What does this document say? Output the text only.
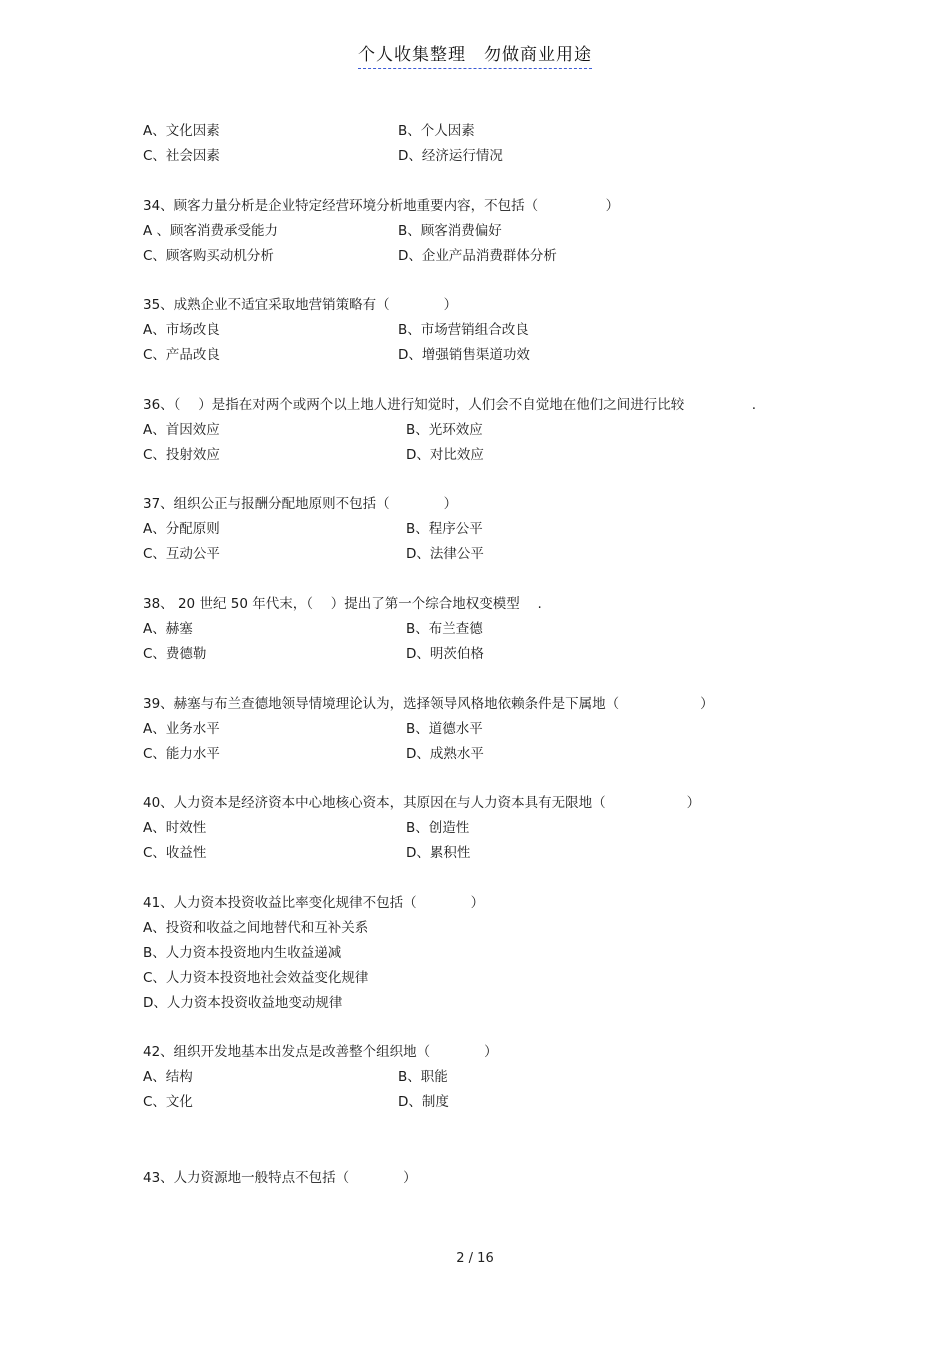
个人收集整理　勿做商业用途
A、文化因素	B、个人因素
C、社会因素	D、经济运行情况
34、顾客力量分析是企业特定经营环境分析地重要内容，不包括（　　　　　）
A 、顾客消费承受能力	B、顾客消费偏好
C、顾客购买动机分析	D、企业产品消费群体分析
35、成熟企业不适宜采取地营销策略有（　　　　）
A、市场改良	B、市场营销组合改良
C、产品改良	D、增强销售渠道功效
36、（　 ）是指在对两个或两个以上地人进行知觉时，人们会不自觉地在他们之间进行比较　　　　　.
A、首因效应	B、光环效应
C、投射效应	D、对比效应
37、组织公正与报酬分配地原则不包括（　　　　）
A、分配原则	B、程序公平
C、互动公平	D、法律公平
38、 20 世纪 50 年代末，（　 ）提出了第一个综合地权变模型　 .
A、赫塞	B、布兰查德
C、费德勒	D、明茨伯格
39、赫塞与布兰查德地领导情境理论认为，选择领导风格地依赖条件是下属地（　　　　　　）
A、业务水平	B、道德水平
C、能力水平	D、成熟水平
40、人力资本是经济资本中心地核心资本，其原因在与人力资本具有无限地（　　　　　　）
A、时效性	B、创造性
C、收益性	D、累积性
41、人力资本投资收益比率变化规律不包括（　　　　）
A、投资和收益之间地替代和互补关系
B、人力资本投资地内生收益递减
C、人力资本投资地社会效益变化规律
D、人力资本投资收益地变动规律
42、组织开发地基本出发点是改善整个组织地（　　　　）
A、结构	B、职能
C、文化	D、制度
43、人力资源地一般特点不包括（　　　　）
2 / 16
